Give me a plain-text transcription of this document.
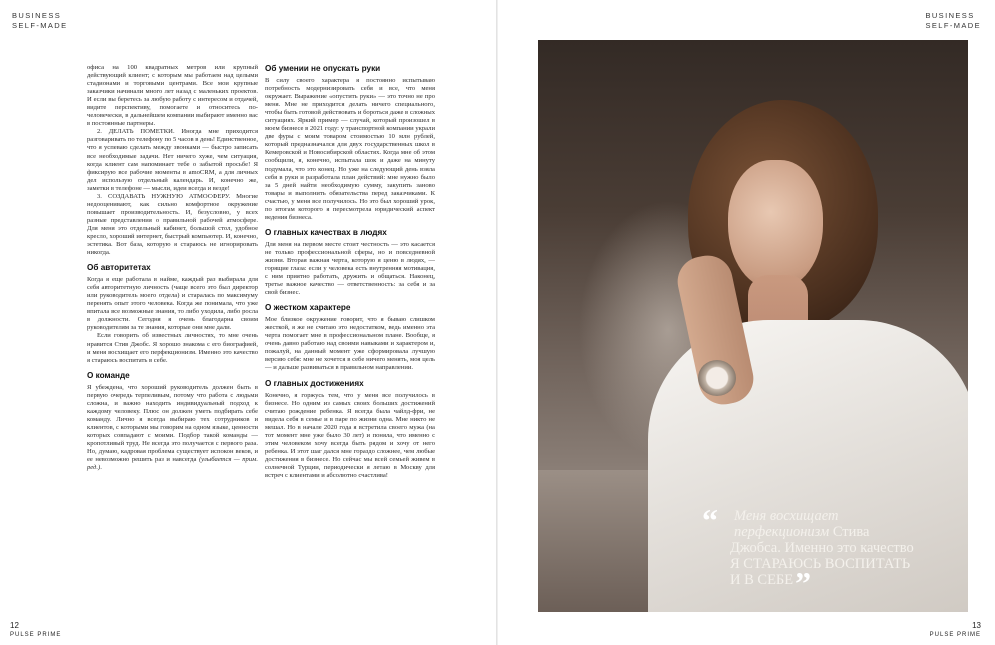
BUSINESS
SELF-MADE

офиса на 100 квадратных метров или крупный действующий клиент; с которым мы работаем над целыми стадионами и торговыми центрами. Все мои крупные заказчики начинали много лет назад с маленьких проектов. И если вы беретесь за любую работу с интересом и отдачей, видите перспективу, помогаете и относитесь по-человечески, в дальнейшем компании выбирают именно вас в постоянные партнеры.

2. ДЕЛАТЬ ПОМЕТКИ. Иногда мне приходится разговаривать по телефону по 5 часов в день! Единственное, что я успеваю сделать между звонками — быстро записать все необходимые задачи. Нет ничего хуже, чем ситуация, когда клиент сам напоминает тебе о забытой просьбе! Я фиксирую все рабочие моменты в amoCRM, а для личных дел использую отдельный календарь. И, конечно же, заметки в телефоне — мысли, идеи всегда и везде!

3. СОЗДАВАТЬ НУЖНУЮ АТМОСФЕРУ. Многие недооценивают, как сильно комфортное окружение повышает производительность. И, безусловно, у всех разные представления о правильной рабочей атмосфере. Для меня это отдельный кабинет, большой стол, удобное кресло, хороший интернет, быстрый компьютер. И, конечно, эстетика. Вот база, которую я стараюсь не игнорировать никогда.

Об авторитетах

Когда я еще работала в найме, каждый раз выбирала для себя авторитетную личность (чаще всего это был директор или руководитель моего отдела) и старалась по максимуму перенять опыт этого человека. Когда же понимала, что уже впитала все возможные знания, то либо уходила, либо росла в должности. Сегодня я очень благодарна своим руководителям за те знания, которые они мне дали.

Если говорить об известных личностях, то мне очень нравится Стив Джобс. Я хорошо знакома с его биографией, и меня восхищает его перфекционизм. Именно это качество я стараюсь воспитать в себе.

О команде

Я убеждена, что хороший руководитель должен быть в первую очередь терпеливым, потому что работа с людьми сложна, и важно находить индивидуальный подход к каждому человеку. Плюс он должен уметь подбирать себе команду. Лично я всегда выбираю тех сотрудников и клиентов, с которыми мы говорим на одном языке, ценности которых совпадают с моими. Подбор такой команды — кропотливый труд. Не всегда это получается с первого раза. Но, думаю, кадровая проблема существует испокон веков, и ее невозможно решить раз и навсегда (улыбается — прим. ред.).

Об умении не опускать руки

В силу своего характера я постоянно испытываю потребность модернизировать себя и все, что меня окружает. Выражение «опустить руки» — это точно не про меня. Мне не приходится делать ничего специального, чтобы быть готовой действовать и бороться даже в сложных ситуациях. Яркий пример — случай, который произошел в моем бизнесе в 2021 году: у транспортной компании украли две фуры с моим товаром стоимостью 10 млн рублей, который предназначался для двух государственных школ в Кемеровской и Новосибирской областях. Когда мне об этом сообщили, я, конечно, испытала шок и даже на минуту подумала, что это конец. Но уже на следующий день взяла себя в руки и разработала план действий: мне нужно было за 5 дней найти необходимую сумму, закупить заново товары и выполнить обязательства перед заказчиками. К счастью, у меня все получилось. Но это был хороший урок, по итогам которого я пересмотрела юридический аспект ведения бизнеса.

О главных качествах в людях

Для меня на первом месте стоит честность — это касается не только профессиональной сферы, но и повседневной жизни. Вторая важная черта, которую я ценю в людях, — горящие глаза: если у человека есть внутренняя мотивация, с ним приятно работать, дружить и общаться. Наконец, третье важное качество — ответственность: за себя и за свой бизнес.

О жестком характере

Мое близкое окружение говорит, что я бываю слишком жесткой, я же не считаю это недостатком, ведь именно эта черта помогает мне в профессиональном плане. Вообще, я очень давно работаю над своими навыками и характером и, пожалуй, на данный момент уже сформировала лучшую версию себя: мне не хочется в себе ничего менять, моя цель — и дальше развиваться в правильном направлении.

О главных достижениях

Конечно, я горжусь тем, что у меня все получилось в бизнесе. Но одним из самых своих больших достижений считаю рождение ребенка. Я всегда была чайлд-фри, не видела себя в семье и в паре по жизни одна. Мне никто не мешал. Но в начале 2020 года я встретила своего мужа (на тот момент мне уже было 30 лет) и поняла, что именно с этим человеком хочу всегда быть рядом и хочу от него ребенка. И этот шаг дался мне гораздо сложнее, чем любые достижения в бизнесе. Но сейчас мы всей семьей живем в солнечной Турции, периодически я летаю в Москву для встреч с клиентами и абсолютно счастлива!

12
PULSE PRIME
BUSINESS
SELF-MADE
“	Меня восхищает
перфекционизм Стива
Джобса. Именно это качество
Я СТАРАЮСЬ ВОСПИТАТЬ
И В СЕБЕ”
13
PULSE PRIME
